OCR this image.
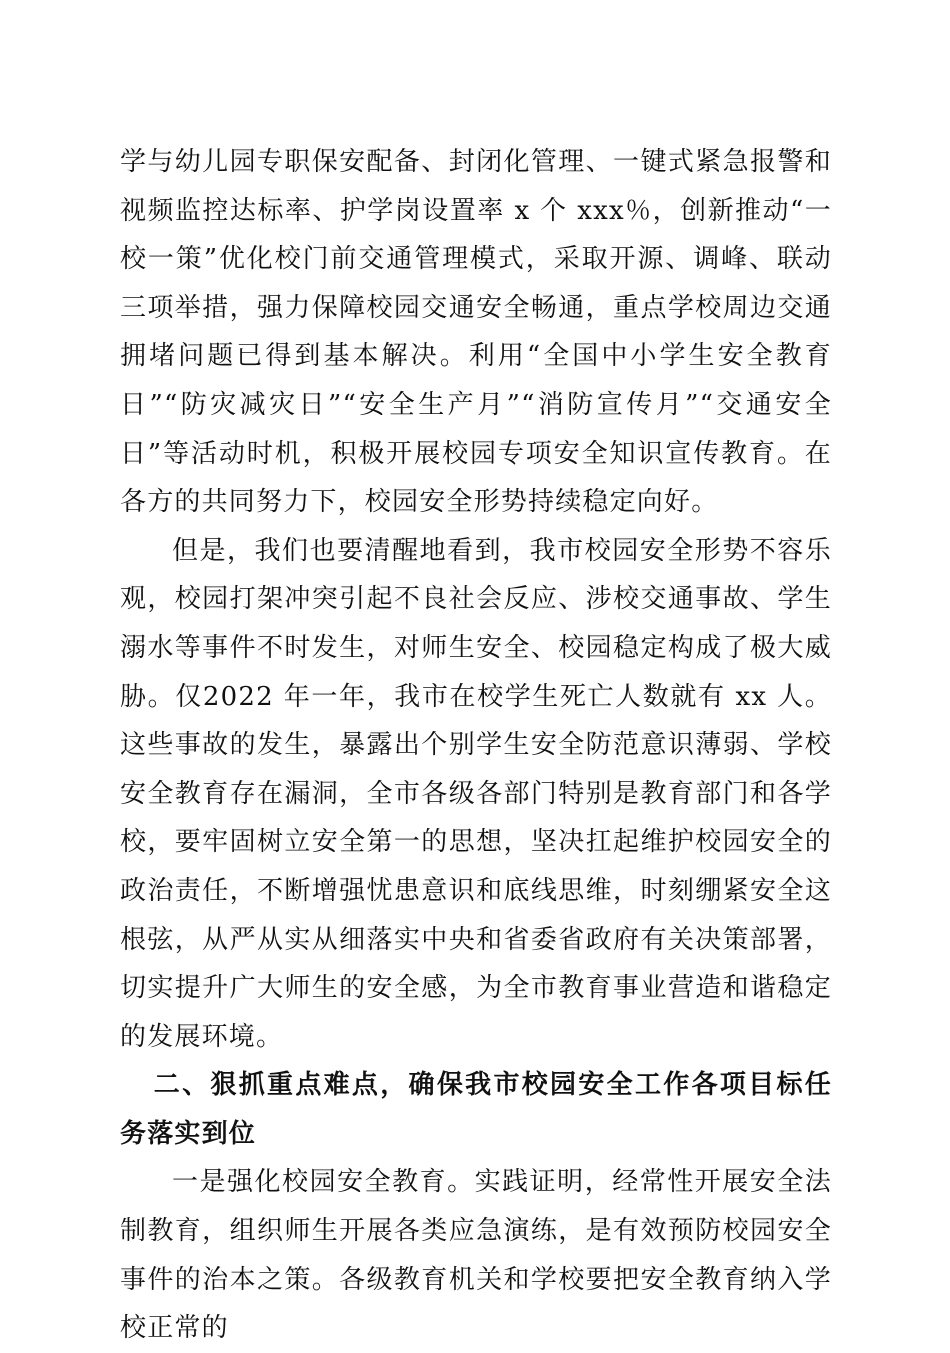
学与幼儿园专职保安配备、封闭化管理、一键式紧急报警和视频监控达标率、护学岗设置率 x 个 xxx％，创新推动“一校一策”优化校门前交通管理模式，采取开源、调峰、联动三项举措，强力保障校园交通安全畅通，重点学校周边交通拥堵问题已得到基本解决。利用“全国中小学生安全教育日”“防灾减灾日”“安全生产月”“消防宣传月”“交通安全日”等活动时机，积极开展校园专项安全知识宣传教育。在各方的共同努力下，校园安全形势持续稳定向好。

但是，我们也要清醒地看到，我市校园安全形势不容乐观，校园打架冲突引起不良社会反应、涉校交通事故、学生溺水等事件不时发生，对师生安全、校园稳定构成了极大威胁。仅2022 年一年，我市在校学生死亡人数就有 xx 人。这些事故的发生，暴露出个别学生安全防范意识薄弱、学校安全教育存在漏洞，全市各级各部门特别是教育部门和各学校，要牢固树立安全第一的思想，坚决扛起维护校园安全的政治责任，不断增强忧患意识和底线思维，时刻绷紧安全这根弦，从严从实从细落实中央和省委省政府有关决策部署，切实提升广大师生的安全感，为全市教育事业营造和谐稳定的发展环境。

二、狠抓重点难点，确保我市校园安全工作各项目标任务落实到位

一是强化校园安全教育。实践证明，经常性开展安全法制教育，组织师生开展各类应急演练，是有效预防校园安全事件的治本之策。各级教育机关和学校要把安全教育纳入学校正常的
